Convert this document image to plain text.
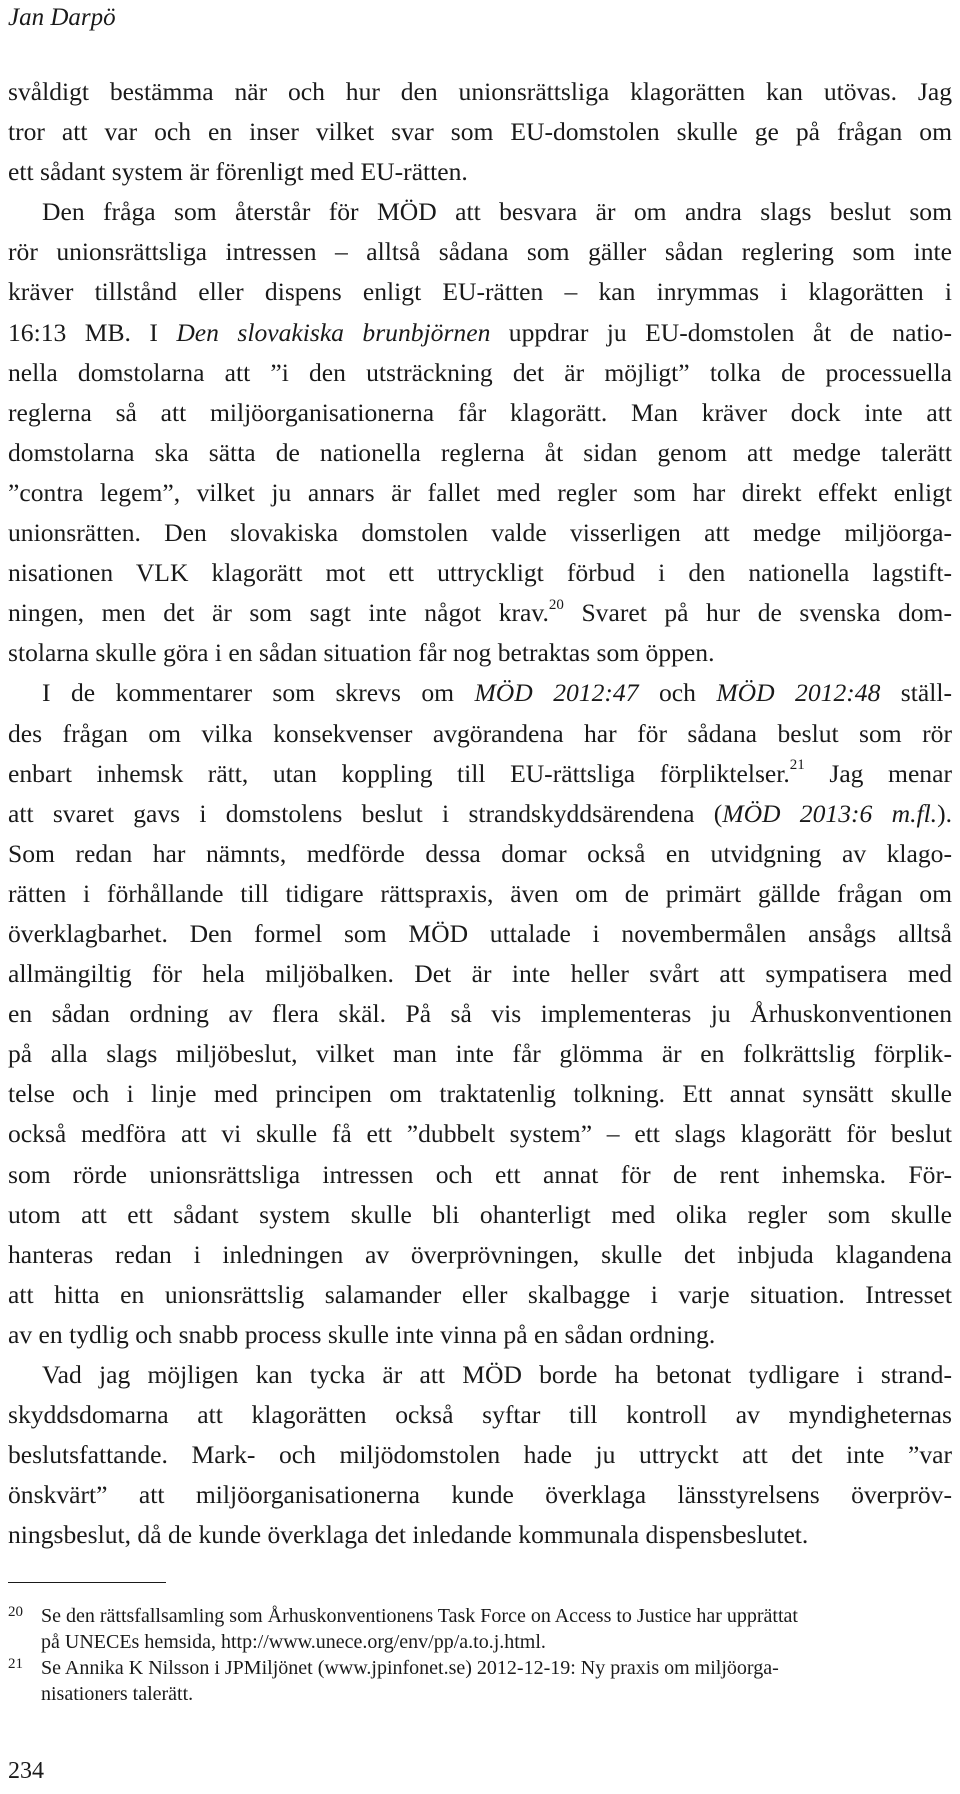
Jan Darpö
svåldigt bestämma när och hur den unionsrättsliga klagorätten kan utövas. Jag
tror att var och en inser vilket svar som EU-domstolen skulle ge på frågan om
ett sådant system är förenligt med EU-rätten.
Den fråga som återstår för MÖD att besvara är om andra slags beslut som
rör unionsrättsliga intressen – alltså sådana som gäller sådan reglering som inte
kräver tillstånd eller dispens enligt EU-rätten – kan inrymmas i klagorätten i
16:13 MB. I Den slovakiska brunbjörnen uppdrar ju EU-domstolen åt de natio-
nella domstolarna att ”i den utsträckning det är möjligt” tolka de processuella
reglerna så att miljöorganisationerna får klagorätt. Man kräver dock inte att
domstolarna ska sätta de nationella reglerna åt sidan genom att medge talerätt
”contra legem”, vilket ju annars är fallet med regler som har direkt effekt enligt
unionsrätten. Den slovakiska domstolen valde visserligen att medge miljöorga-
nisationen VLK klagorätt mot ett uttryckligt förbud i den nationella lagstift-
ningen, men det är som sagt inte något krav.$^{20}$ Svaret på hur de svenska dom-
stolarna skulle göra i en sådan situation får nog betraktas som öppen.
I de kommentarer som skrevs om MÖD 2012:47 och MÖD 2012:48 ställ-
des frågan om vilka konsekvenser avgörandena har för sådana beslut som rör
enbart inhemsk rätt, utan koppling till EU-rättsliga förpliktelser.$^{21}$ Jag menar
att svaret gavs i domstolens beslut i strandskyddsärendena (MÖD 2013:6 m.fl.).
Som redan har nämnts, medförde dessa domar också en utvidgning av klago-
rätten i förhållande till tidigare rättspraxis, även om de primärt gällde frågan om
överklagbarhet. Den formel som MÖD uttalade i novembermålen ansågs alltså
allmängiltig för hela miljöbalken. Det är inte heller svårt att sympatisera med
en sådan ordning av flera skäl. På så vis implementeras ju Århuskonventionen
på alla slags miljöbeslut, vilket man inte får glömma är en folkrättslig förplik-
telse och i linje med principen om traktatenlig tolkning. Ett annat synsätt skulle
också medföra att vi skulle få ett ”dubbelt system” – ett slags klagorätt för beslut
som rörde unionsrättsliga intressen och ett annat för de rent inhemska. För-
utom att ett sådant system skulle bli ohanterligt med olika regler som skulle
hanteras redan i inledningen av överprövningen, skulle det inbjuda klagandena
att hitta en unionsrättslig salamander eller skalbagge i varje situation. Intresset
av en tydlig och snabb process skulle inte vinna på en sådan ordning.
Vad jag möjligen kan tycka är att MÖD borde ha betonat tydligare i strand-
skyddsdomarna att klagorätten också syftar till kontroll av myndigheternas
beslutsfattande. Mark- och miljödomstolen hade ju uttryckt att det inte ”var
önskvärt” att miljöorganisationerna kunde överklaga länsstyrelsens överpröv-
ningsbeslut, då de kunde överklaga det inledande kommunala dispensbeslutet.
20 Se den rättsfallsamling som Århuskonventionens Task Force on Access to Justice har upprättat
på UNECEs hemsida, http://www.unece.org/env/pp/a.to.j.html.
21 Se Annika K Nilsson i JPMiljönet (www.jpinfonet.se) 2012-12-19: Ny praxis om miljöorga-
nisationers talerätt.
234
